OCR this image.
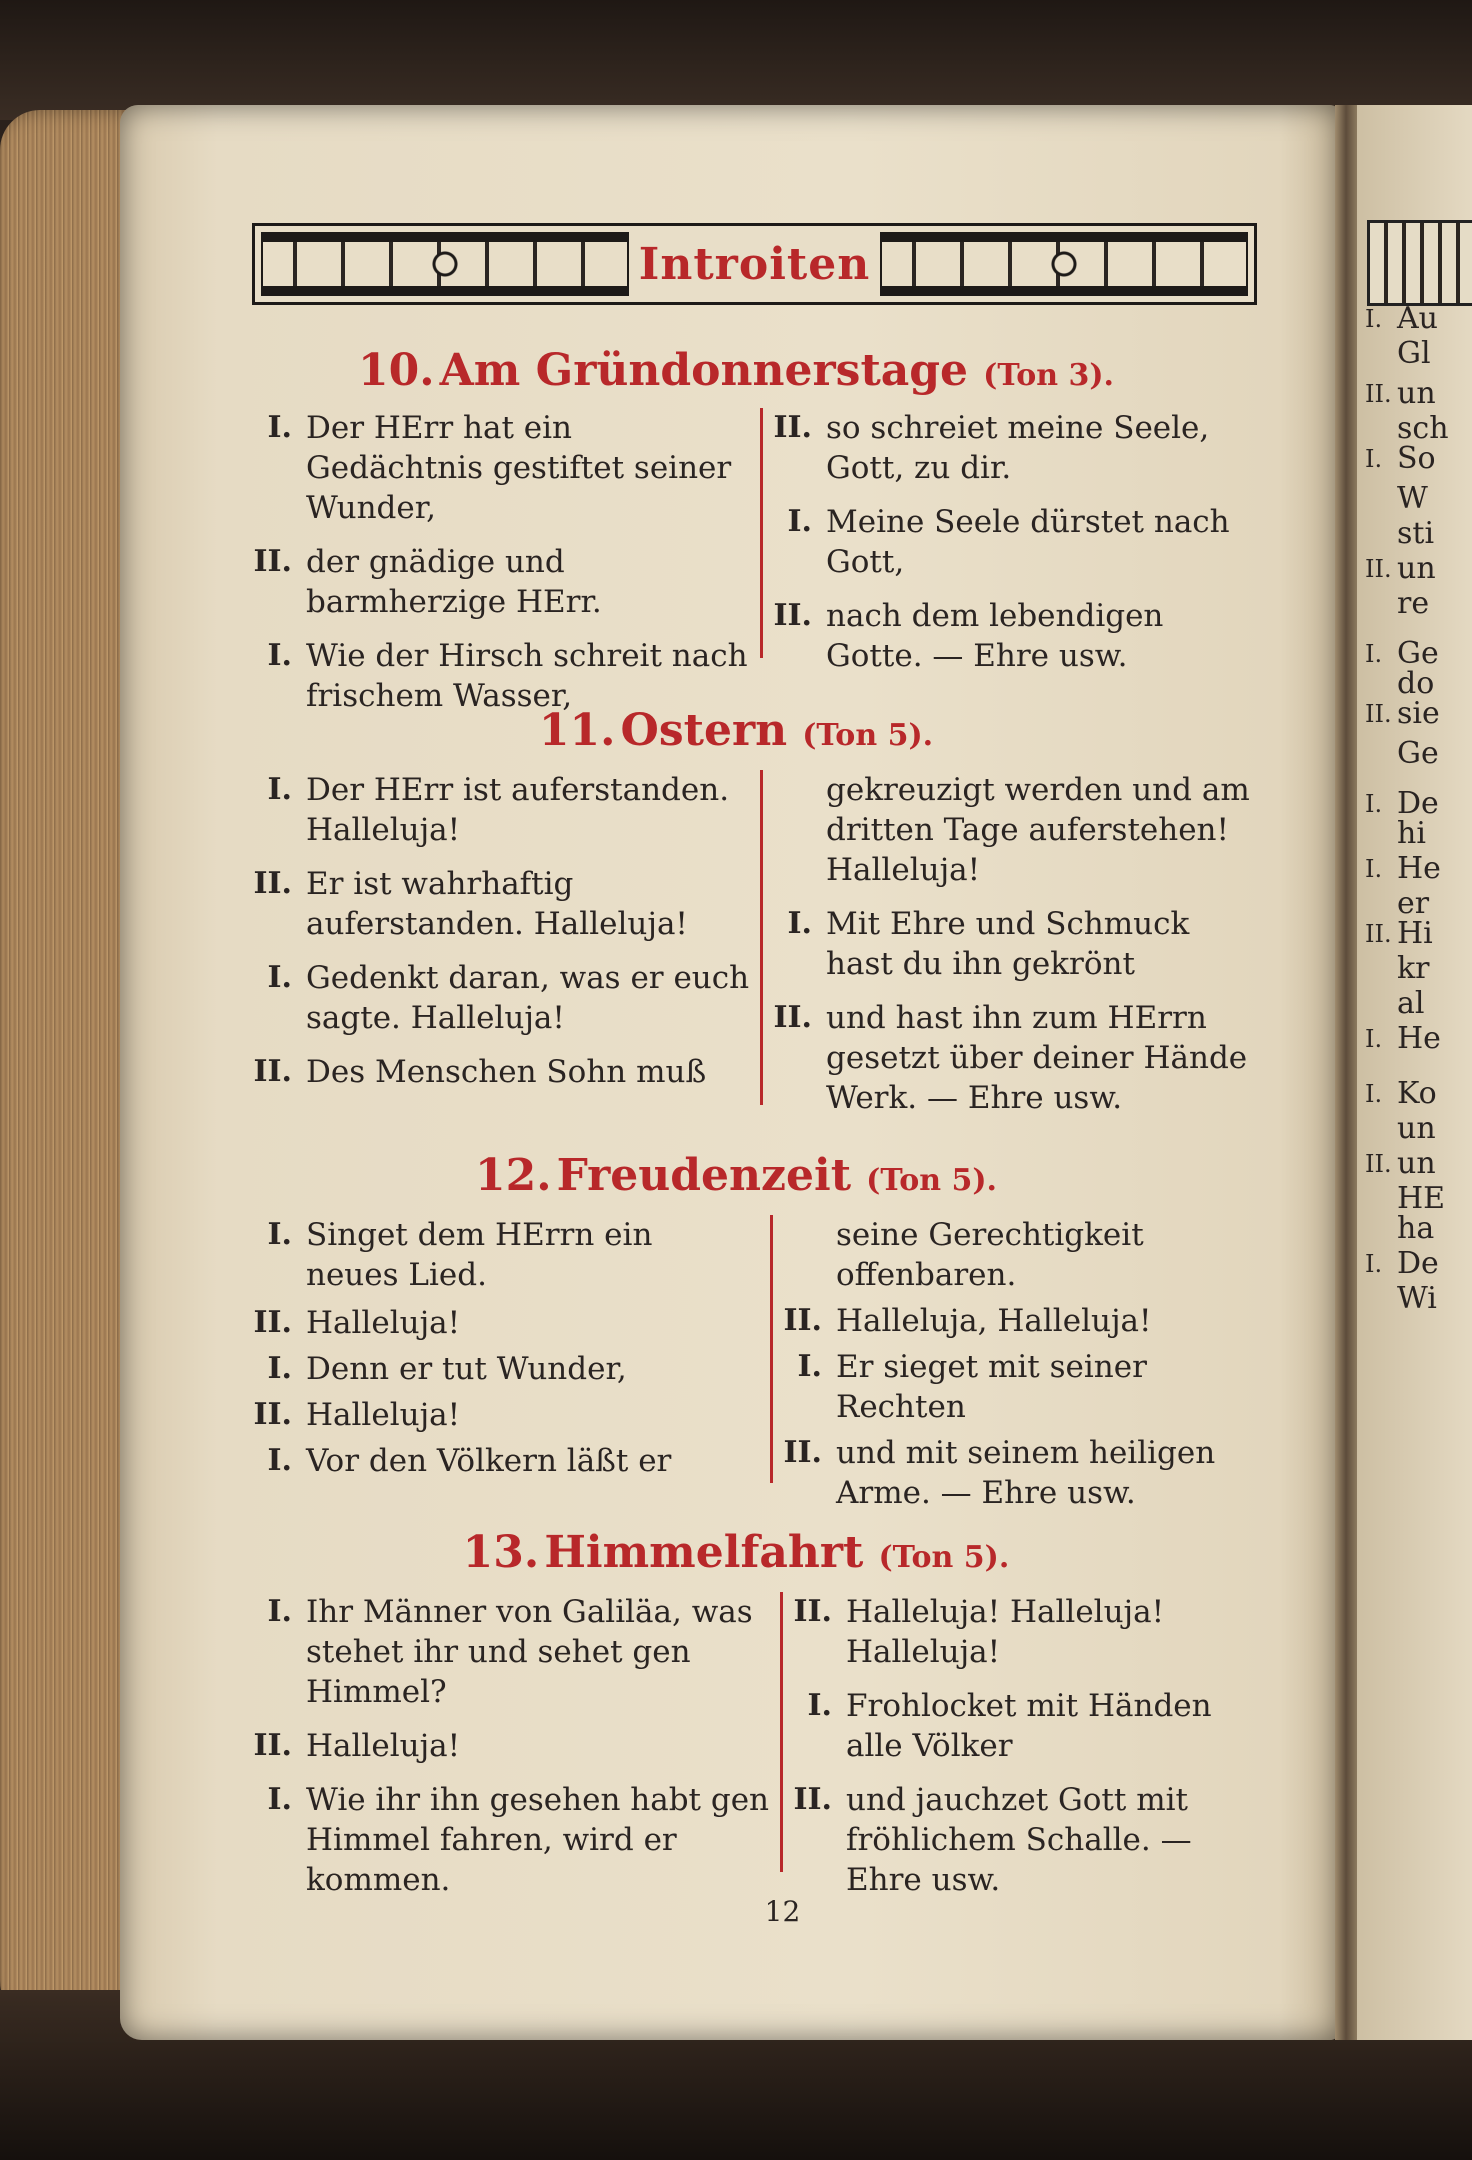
I. Au
Gl
II. un
sch
I. So
W
sti
II. un
re
I. Ge
do
II. sie
Ge
I. De
hi
I. He
er
II. Hi
kr
al
I. He
I. Ko
un
II. un
HE
ha
I. De
Wi
Introiten
10. Am Gründonnerstage (Ton 3).
I. Der HErr hat ein Gedächtnis gestiftet seiner Wunder,
II. der gnädige und barmherzige HErr.
I. Wie der Hirsch schreit nach frischem Wasser,
II. so schreiet meine Seele, Gott, zu dir.
I. Meine Seele dürstet nach Gott,
II. nach dem lebendigen Gotte. — Ehre usw.
11. Ostern (Ton 5).
I. Der HErr ist auferstanden. Halleluja!
II. Er ist wahrhaftig auferstanden. Halleluja!
I. Gedenkt daran, was er euch sagte. Halleluja!
II. Des Menschen Sohn muß
gekreuzigt werden und am dritten Tage auferstehen! Halleluja!
I. Mit Ehre und Schmuck hast du ihn gekrönt
II. und hast ihn zum HErrn gesetzt über deiner Hände Werk. — Ehre usw.
12. Freudenzeit (Ton 5).
I. Singet dem HErrn ein neues Lied.
II. Halleluja!
I. Denn er tut Wunder,
II. Halleluja!
I. Vor den Völkern läßt er
seine Gerechtigkeit offenbaren.
II. Halleluja, Halleluja!
I. Er sieget mit seiner Rechten
II. und mit seinem heiligen Arme. — Ehre usw.
13. Himmelfahrt (Ton 5).
I. Ihr Männer von Galiläa, was stehet ihr und sehet gen Himmel?
II. Halleluja!
I. Wie ihr ihn gesehen habt gen Himmel fahren, wird er kommen.
II. Halleluja! Halleluja! Halleluja!
I. Frohlocket mit Händen alle Völker
II. und jauchzet Gott mit fröhlichem Schalle. — Ehre usw.
12
